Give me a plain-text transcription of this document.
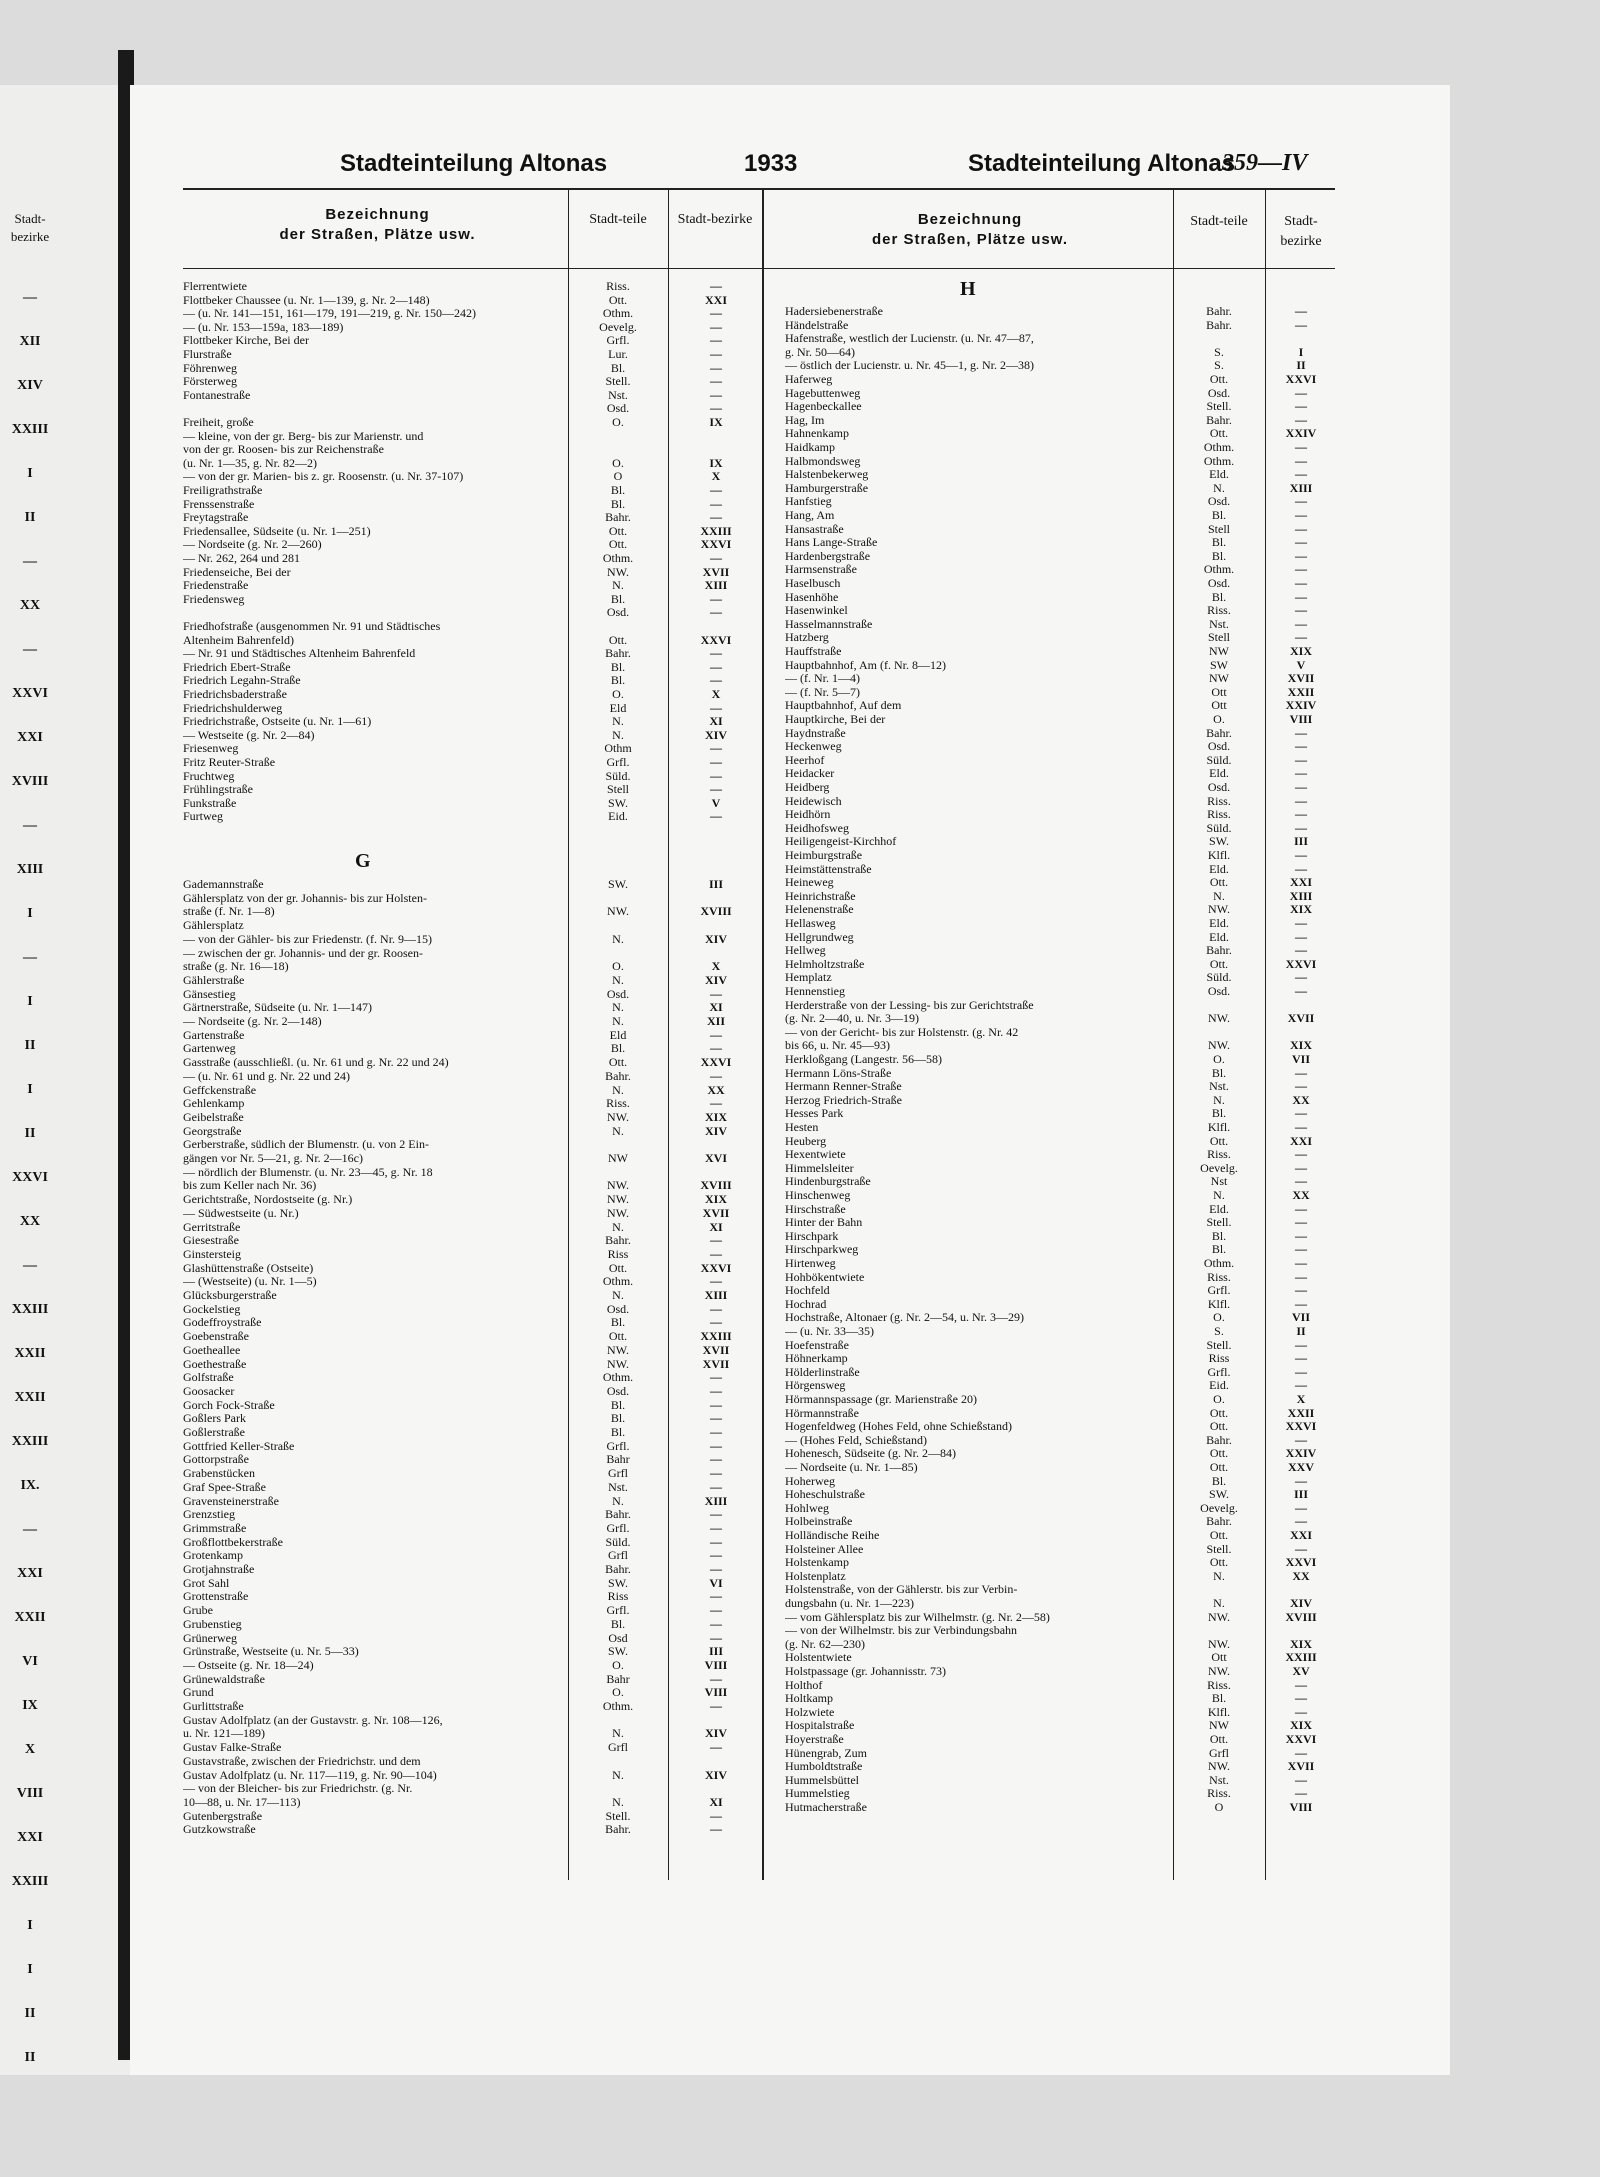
Stadt-bezirke
—
XII
XIV
XXIII
I
II
—
XX
—
XXVI
XXI
XVIII
—
XIII
I
—
I
II
I
II
XXVI
XX
—
XXIII
XXII
XXII
XXIII
IX.
—
XXI
XXII
VI
IX
X
VIII
XXI
XXIII
I
I
II
II
Stadteinteilung Altonas	1933	Stadteinteilung Altonas
359—IV
Bezeichnung
der Straßen, Plätze usw.
Stadt-teile	Stadt-bezirke	Bezeichnung
der Straßen, Plätze usw.
Stadt-teile	Stadt-bezirke
G
H
Flerrentwiete	Riss.	—
Flottbeker Chaussee (u. Nr. 1—139, g. Nr. 2—148)	Ott.	XXI
— (u. Nr. 141—151, 161—179, 191—219, g. Nr. 150—242)	Othm.	—
— (u. Nr. 153—159a, 183—189)	Oevelg.	—
Flottbeker Kirche, Bei der	Grfl.	—
Flurstraße	Lur.	—
Föhrenweg	Bl.	—
Försterweg	Stell.	—
Fontanestraße	Nst.	—
Osd.	—
Freiheit, große	O.	IX
— kleine, von der gr. Berg- bis zur Marienstr. und
von der gr. Roosen- bis zur Reichenstraße
(u. Nr. 1—35, g. Nr. 82—2)	O.	IX
— von der gr. Marien- bis z. gr. Roosenstr. (u. Nr. 37-107)	O	X
Freiligrathstraße	Bl.	—
Frenssenstraße	Bl.	—
Freytagstraße	Bahr.	—
Friedensallee, Südseite (u. Nr. 1—251)	Ott.	XXIII
— Nordseite (g. Nr. 2—260)	Ott.	XXVI
— Nr. 262, 264 und 281	Othm.	—
Friedenseiche, Bei der	NW.	XVII
Friedenstraße	N.	XIII
Friedensweg	Bl.	—
Osd.	—
Friedhofstraße (ausgenommen Nr. 91 und Städtisches
Altenheim Bahrenfeld)	Ott.	XXVI
— Nr. 91 und Städtisches Altenheim Bahrenfeld	Bahr.	—
Friedrich Ebert-Straße	Bl.	—
Friedrich Legahn-Straße	Bl.	—
Friedrichsbaderstraße	O.	X
Friedrichshulderweg	Eld	—
Friedrichstraße, Ostseite (u. Nr. 1—61)	N.	XI
— Westseite (g. Nr. 2—84)	N.	XIV
Friesenweg	Othm	—
Fritz Reuter-Straße	Grfl.	—
Fruchtweg	Süld.	—
Frühlingstraße	Stell	—
Funkstraße	SW.	V
Furtweg	Eid.	—
Gademannstraße	SW.	III
Gählersplatz von der gr. Johannis- bis zur Holsten-
straße (f. Nr. 1—8)	NW.	XVIII
Gählersplatz
— von der Gähler- bis zur Friedenstr. (f. Nr. 9—15)	N.	XIV
— zwischen der gr. Johannis- und der gr. Roosen-
straße (g. Nr. 16—18)	O.	X
Gählerstraße	N.	XIV
Gänsestieg	Osd.	—
Gärtnerstraße, Südseite (u. Nr. 1—147)	N.	XI
— Nordseite (g. Nr. 2—148)	N.	XII
Gartenstraße	Eld	—
Gartenweg	Bl.	—
Gasstraße (ausschließl. (u. Nr. 61 und g. Nr. 22 und 24)	Ott.	XXVI
— (u. Nr. 61 und g. Nr. 22 und 24)	Bahr.	—
Geffckenstraße	N.	XX
Gehlenkamp	Riss.	—
Geibelstraße	NW.	XIX
Georgstraße	N.	XIV
Gerberstraße, südlich der Blumenstr. (u. von 2 Ein-
gängen vor Nr. 5—21, g. Nr. 2—16c)	NW	XVI
— nördlich der Blumenstr. (u. Nr. 23—45, g. Nr. 18
bis zum Keller nach Nr. 36)	NW.	XVIII
Gerichtstraße, Nordostseite (g. Nr.)	NW.	XIX
— Südwestseite (u. Nr.)	NW.	XVII
Gerritstraße	N.	XI
Giesestraße	Bahr.	—
Ginstersteig	Riss	—
Glashüttenstraße (Ostseite)	Ott.	XXVI
— (Westseite) (u. Nr. 1—5)	Othm.	—
Glücksburgerstraße	N.	XIII
Gockelstieg	Osd.	—
Godeffroystraße	Bl.	—
Goebenstraße	Ott.	XXIII
Goetheallee	NW.	XVII
Goethestraße	NW.	XVII
Golfstraße	Othm.	—
Goosacker	Osd.	—
Gorch Fock-Straße	Bl.	—
Goßlers Park	Bl.	—
Goßlerstraße	Bl.	—
Gottfried Keller-Straße	Grfl.	—
Gottorpstraße	Bahr	—
Grabenstücken	Grfl	—
Graf Spee-Straße	Nst.	—
Gravensteinerstraße	N.	XIII
Grenzstieg	Bahr.	—
Grimmstraße	Grfl.	—
Großflottbekerstraße	Süld.	—
Grotenkamp	Grfl	—
Grotjahnstraße	Bahr.	—
Grot Sahl	SW.	VI
Grottenstraße	Riss	—
Grube	Grfl.	—
Grubenstieg	Bl.	—
Grünerweg	Osd	—
Grünstraße, Westseite (u. Nr. 5—33)	SW.	III
— Ostseite (g. Nr. 18—24)	O.	VIII
Grünewaldstraße	Bahr	—
Grund	O.	VIII
Gurlittstraße	Othm.	—
Gustav Adolfplatz (an der Gustavstr. g. Nr. 108—126,
u. Nr. 121—189)	N.	XIV
Gustav Falke-Straße	Grfl	—
Gustavstraße, zwischen der Friedrichstr. und dem
Gustav Adolfplatz (u. Nr. 117—119, g. Nr. 90—104)	N.	XIV
— von der Bleicher- bis zur Friedrichstr. (g. Nr.
10—88, u. Nr. 17—113)	N.	XI
Gutenbergstraße	Stell.	—
Gutzkowstraße	Bahr.	—
Hadersiebenerstraße	Bahr.	—
Händelstraße	Bahr.	—
Hafenstraße, westlich der Lucienstr. (u. Nr. 47—87,
g. Nr. 50—64)	S.	I
— östlich der Lucienstr. u. Nr. 45—1, g. Nr. 2—38)	S.	II
Haferweg	Ott.	XXVI
Hagebuttenweg	Osd.	—
Hagenbeckallee	Stell.	—
Hag, Im	Bahr.	—
Hahnenkamp	Ott.	XXIV
Haidkamp	Othm.	—
Halbmondsweg	Othm.	—
Halstenbekerweg	Eld.	—
Hamburgerstraße	N.	XIII
Hanfstieg	Osd.	—
Hang, Am	Bl.	—
Hansastraße	Stell	—
Hans Lange-Straße	Bl.	—
Hardenbergstraße	Bl.	—
Harmsenstraße	Othm.	—
Haselbusch	Osd.	—
Hasenhöhe	Bl.	—
Hasenwinkel	Riss.	—
Hasselmannstraße	Nst.	—
Hatzberg	Stell	—
Hauffstraße	NW	XIX
Hauptbahnhof, Am (f. Nr. 8—12)	SW	V
— (f. Nr. 1—4)	NW	XVII
— (f. Nr. 5—7)	Ott	XXII
Hauptbahnhof, Auf dem	Ott	XXIV
Hauptkirche, Bei der	O.	VIII
Haydnstraße	Bahr.	—
Heckenweg	Osd.	—
Heerhof	Süld.	—
Heidacker	Eld.	—
Heidberg	Osd.	—
Heidewisch	Riss.	—
Heidhörn	Riss.	—
Heidhofsweg	Süld.	—
Heiligengeist-Kirchhof	SW.	III
Heimburgstraße	Klfl.	—
Heimstättenstraße	Eld.	—
Heineweg	Ott.	XXI
Heinrichstraße	N.	XIII
Helenenstraße	NW.	XIX
Hellasweg	Eld.	—
Hellgrundweg	Eld.	—
Hellweg	Bahr.	—
Helmholtzstraße	Ott.	XXVI
Hemplatz	Süld.	—
Hennenstieg	Osd.	—
Herderstraße von der Lessing- bis zur Gerichtstraße
(g. Nr. 2—40, u. Nr. 3—19)	NW.	XVII
— von der Gericht- bis zur Holstenstr. (g. Nr. 42
bis 66, u. Nr. 45—93)	NW.	XIX
Herkloßgang (Langestr. 56—58)	O.	VII
Hermann Löns-Straße	Bl.	—
Hermann Renner-Straße	Nst.	—
Herzog Friedrich-Straße	N.	XX
Hesses Park	Bl.	—
Hesten	Klfl.	—
Heuberg	Ott.	XXI
Hexentwiete	Riss.	—
Himmelsleiter	Oevelg.	—
Hindenburgstraße	Nst	—
Hinschenweg	N.	XX
Hirschstraße	Eld.	—
Hinter der Bahn	Stell.	—
Hirschpark	Bl.	—
Hirschparkweg	Bl.	—
Hirtenweg	Othm.	—
Hohbökentwiete	Riss.	—
Hochfeld	Grfl.	—
Hochrad	Klfl.	—
Hochstraße, Altonaer (g. Nr. 2—54, u. Nr. 3—29)	O.	VII
— (u. Nr. 33—35)	S.	II
Hoefenstraße	Stell.	—
Höhnerkamp	Riss	—
Hölderlinstraße	Grfl.	—
Hörgensweg	Eid.	—
Hörmannspassage (gr. Marienstraße 20)	O.	X
Hörmannstraße	Ott.	XXII
Hogenfeldweg (Hohes Feld, ohne Schießstand)	Ott.	XXVI
— (Hohes Feld, Schießstand)	Bahr.	—
Hohenesch, Südseite (g. Nr. 2—84)	Ott.	XXIV
— Nordseite (u. Nr. 1—85)	Ott.	XXV
Hoherweg	Bl.	—
Hoheschulstraße	SW.	III
Hohlweg	Oevelg.	—
Holbeinstraße	Bahr.	—
Holländische Reihe	Ott.	XXI
Holsteiner Allee	Stell.	—
Holstenkamp	Ott.	XXVI
Holstenplatz	N.	XX
Holstenstraße, von der Gählerstr. bis zur Verbin-
dungsbahn (u. Nr. 1—223)	N.	XIV
— vom Gählersplatz bis zur Wilhelmstr. (g. Nr. 2—58)	NW.	XVIII
— von der Wilhelmstr. bis zur Verbindungsbahn
(g. Nr. 62—230)	NW.	XIX
Holstentwiete	Ott	XXIII
Holstpassage (gr. Johannisstr. 73)	NW.	XV
Holthof	Riss.	—
Holtkamp	Bl.	—
Holzwiete	Klfl.	—
Hospitalstraße	NW	XIX
Hoyerstraße	Ott.	XXVI
Hünengrab, Zum	Grfl	—
Humboldtstraße	NW.	XVII
Hummelsbüttel	Nst.	—
Hummelstieg	Riss.	—
Hutmacherstraße	O	VIII
